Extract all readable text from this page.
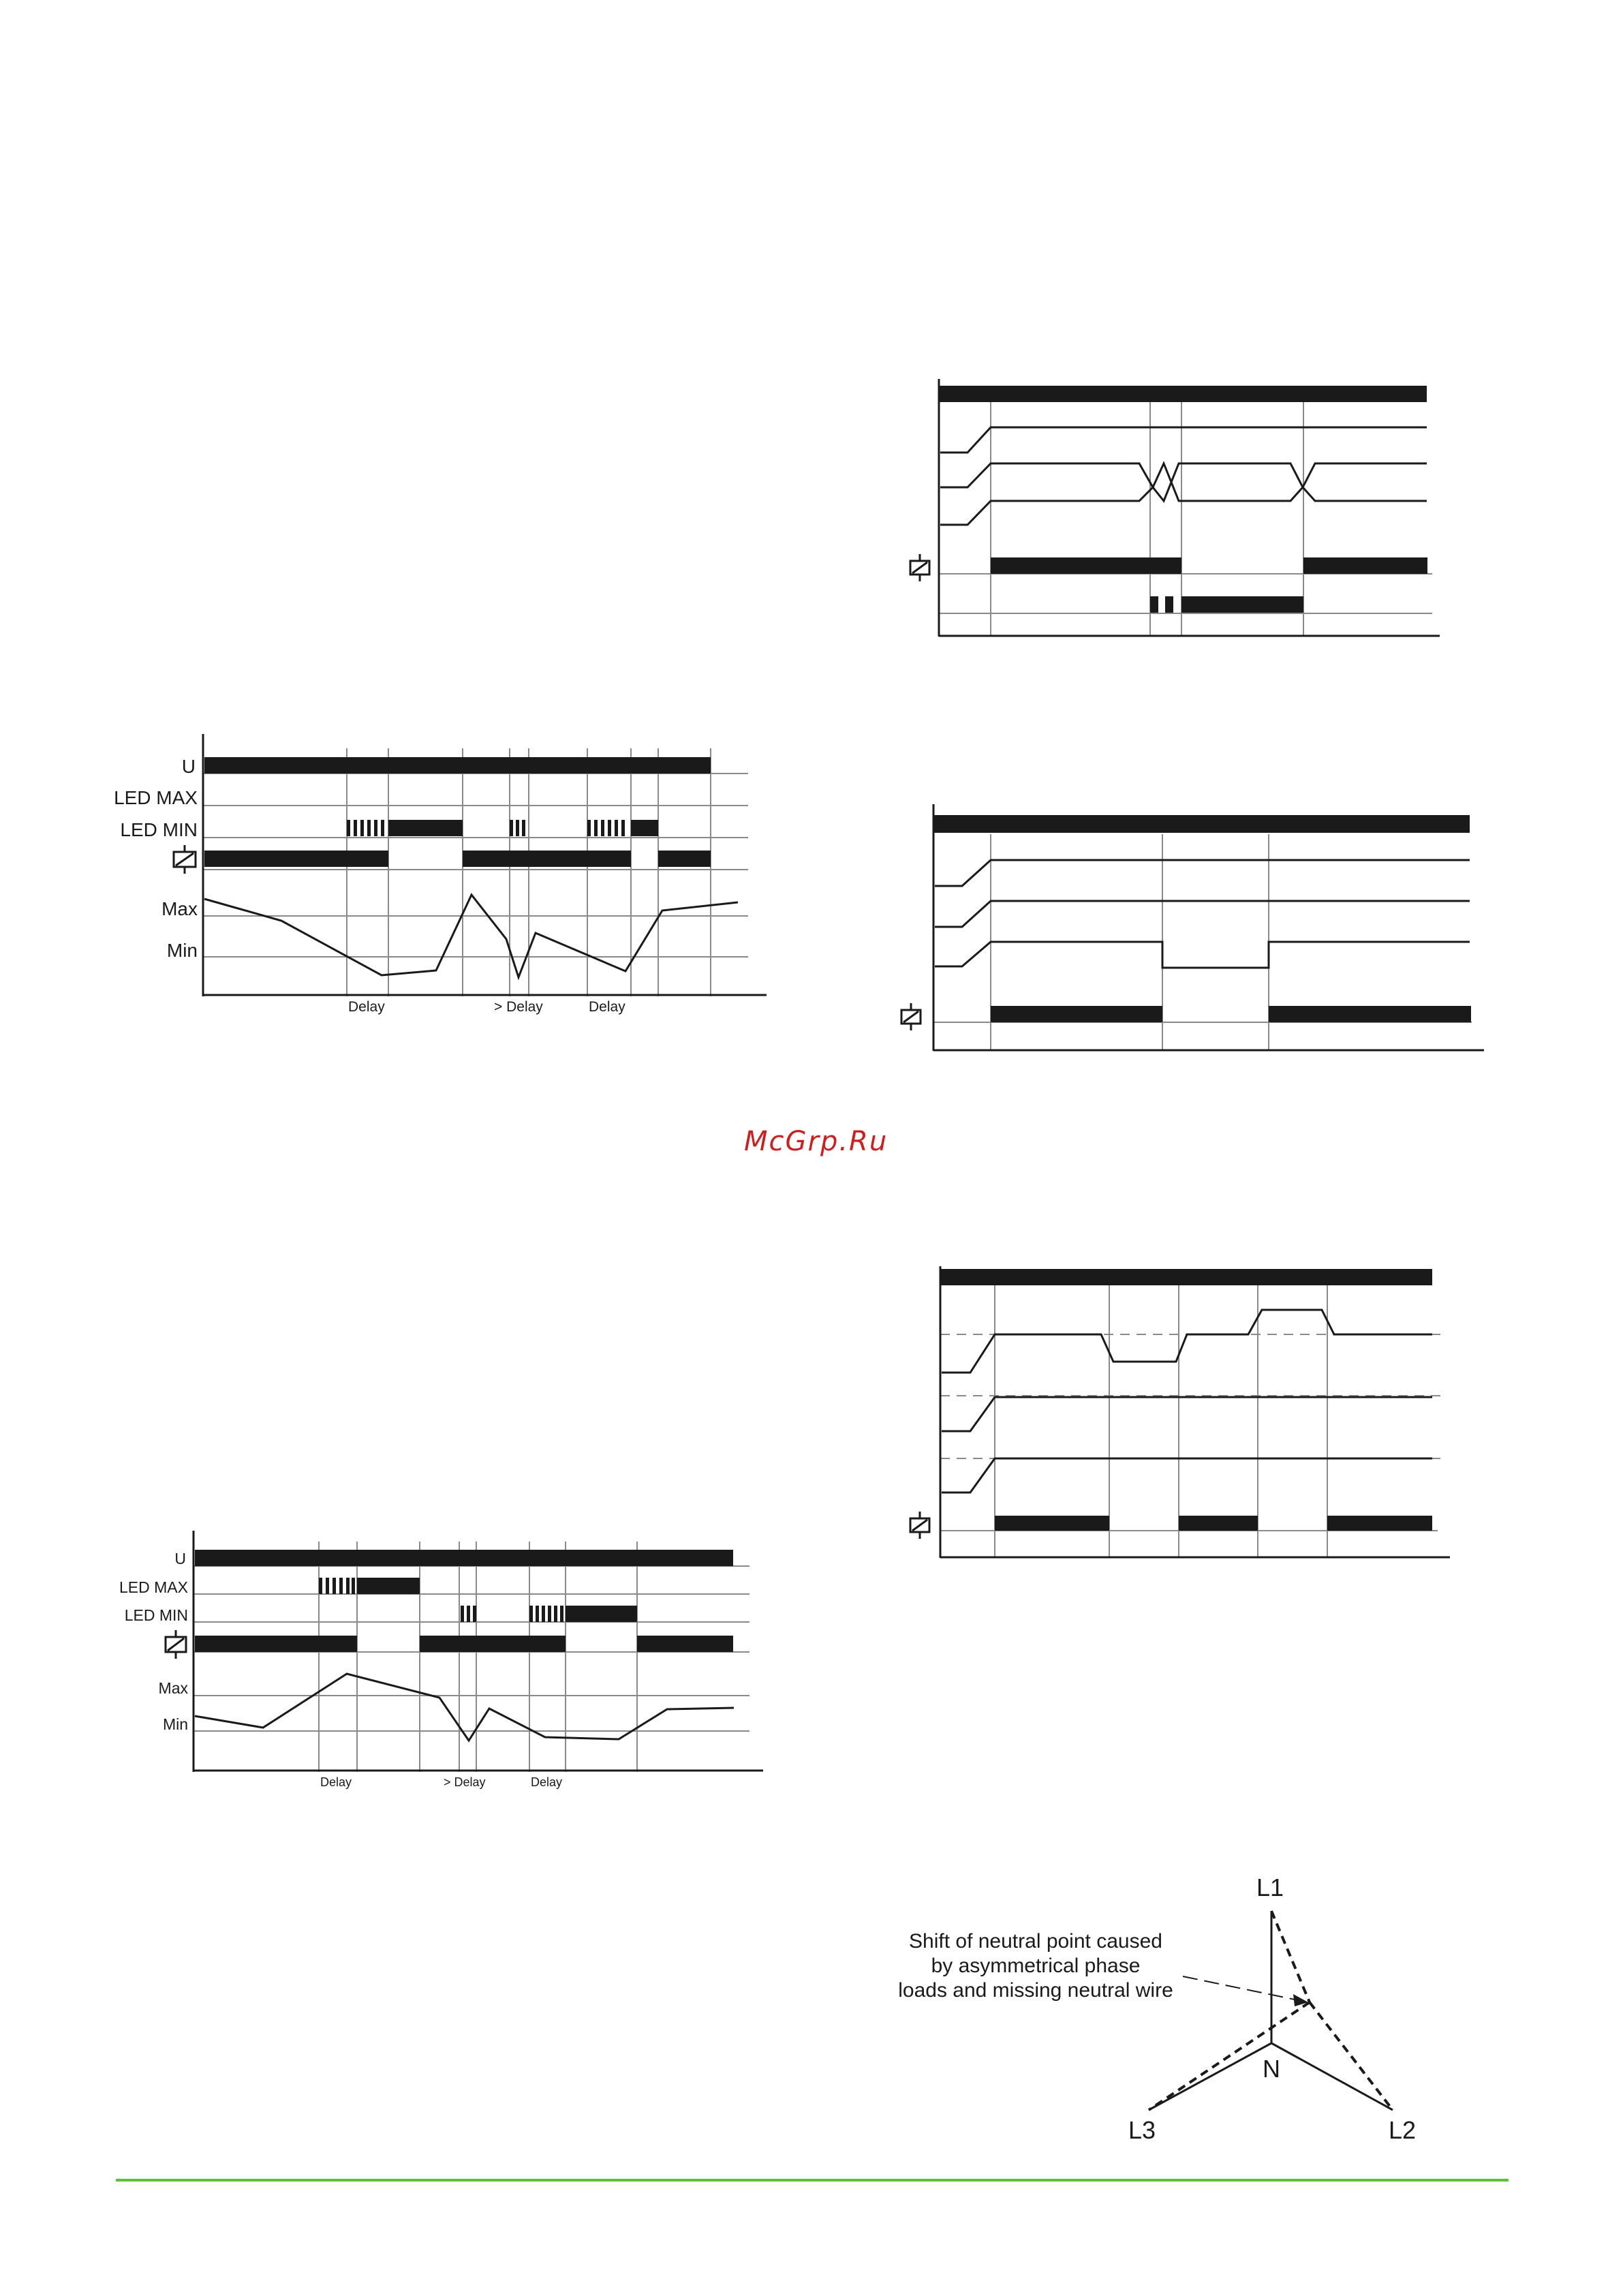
U
LED MAX
LED MIN
Max
Min
Delay	> Delay	Delay
U
LED MAX
LED MIN
Max
Min
Delay	> Delay	Delay
Shift of neutral point caused
by asymmetrical phase
loads and missing neutral wire
L1
N
L3	L2
McGrp.Ru
